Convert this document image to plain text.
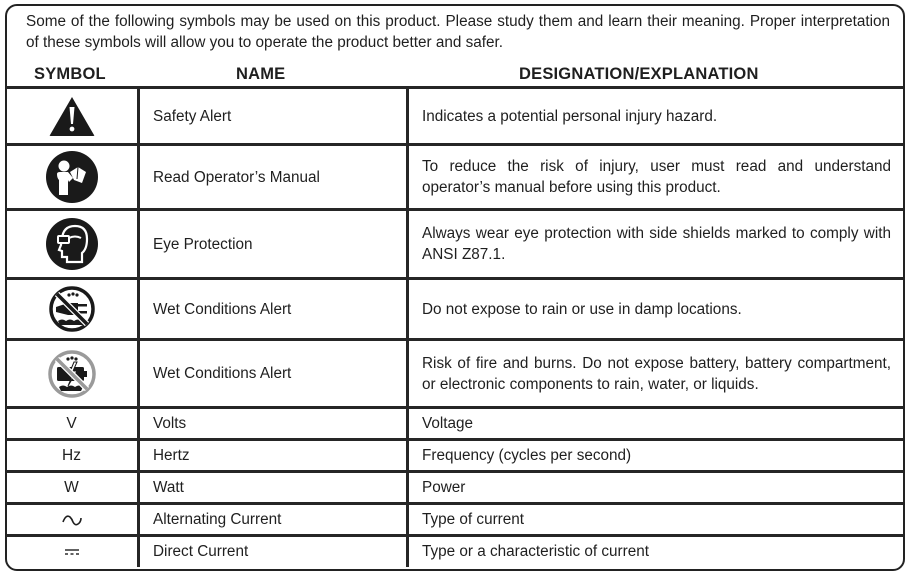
Some of the following symbols may be used on this product. Please study them and learn their meaning. Proper interpretation of these symbols will allow you to operate the product better and safer.

SYMBOL	NAME	DESIGNATION/EXPLANATION
	Safety Alert	Indicates a potential personal injury hazard.
	Read Operator’s Manual	To reduce the risk of injury, user must read and understand operator’s manual before using this product.
	Eye Protection	Always wear eye protection with side shields marked to comply with ANSI Z87.1.
	Wet Conditions Alert	Do not expose to rain or use in damp locations.
	Wet Conditions Alert	Risk of fire and burns. Do not expose battery, battery compartment, or electronic components to rain, water, or liquids.
V	Volts	Voltage
Hz	Hertz	Frequency (cycles per second)
W	Watt	Power
	Alternating Current	Type of current
	Direct Current	Type or a characteristic of current
